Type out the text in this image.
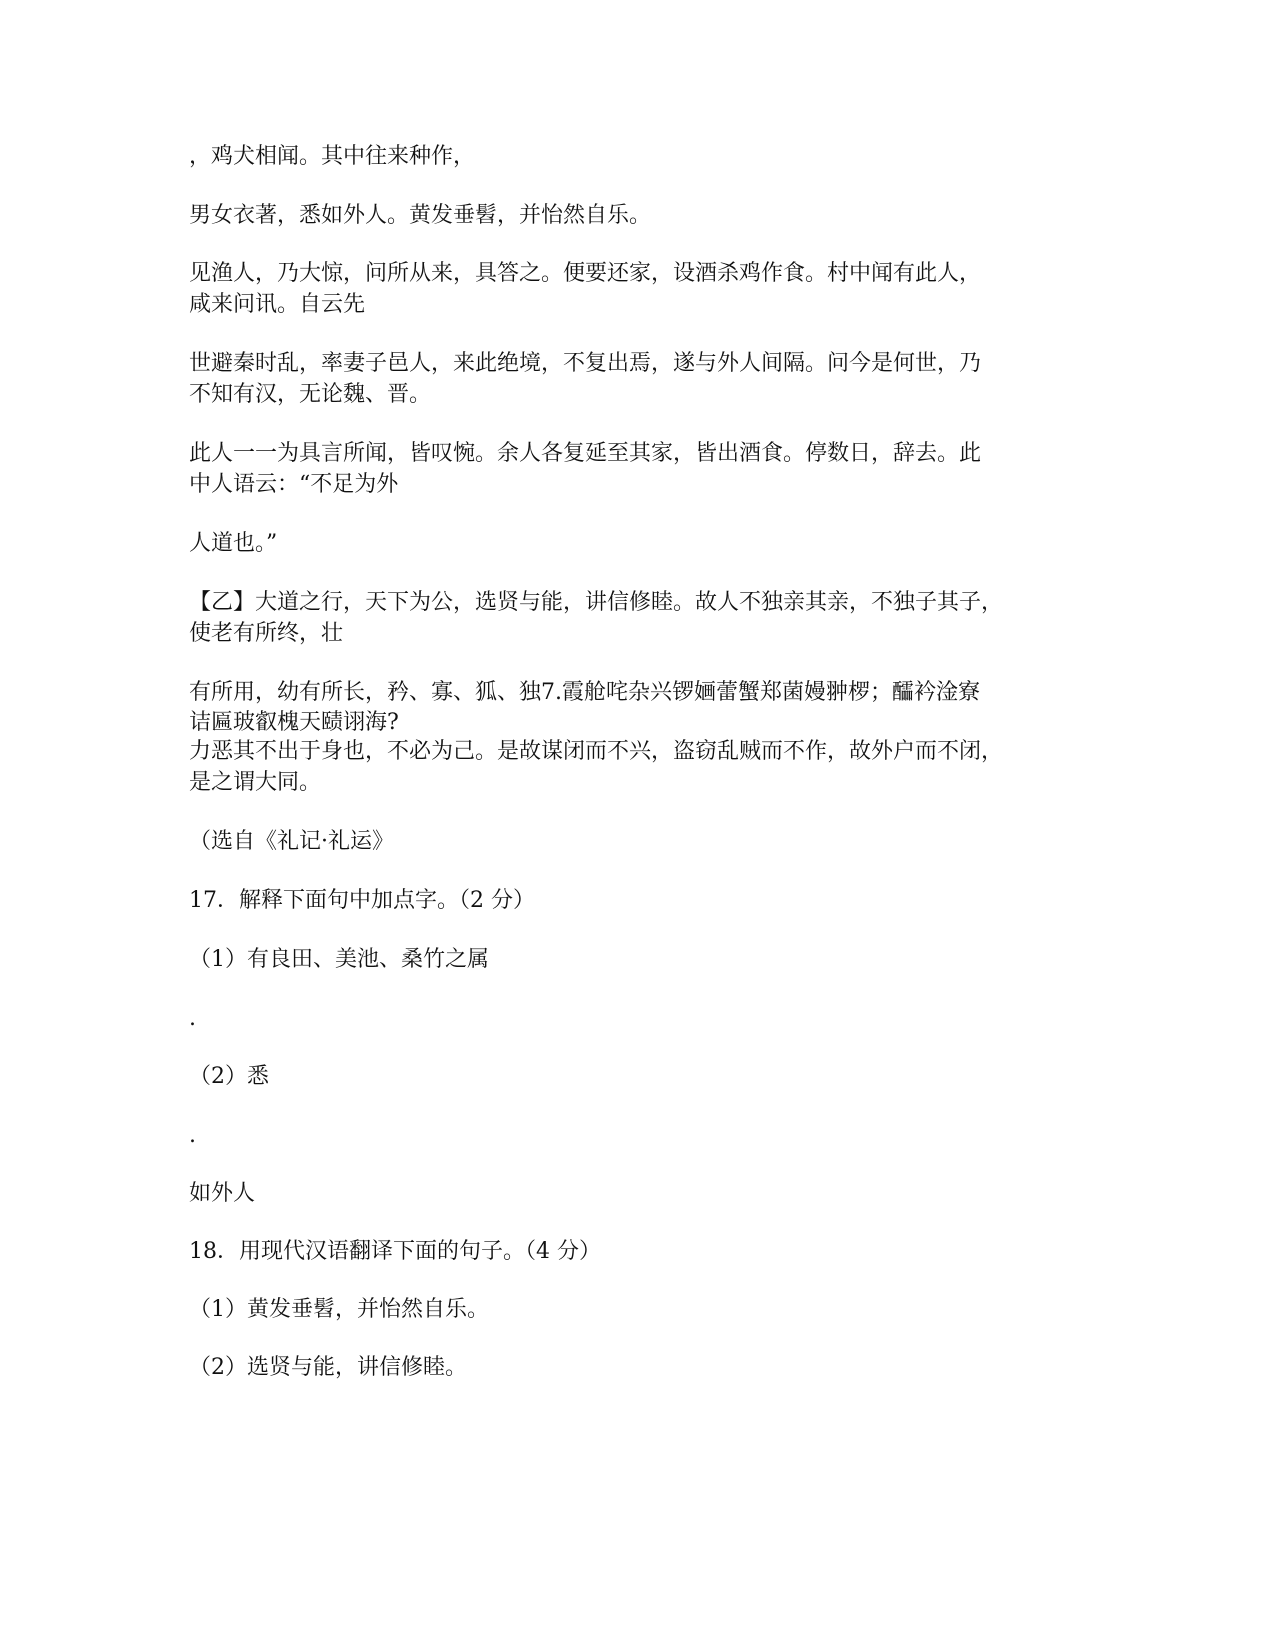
，鸡犬相闻。其中往来种作，
男女衣著，悉如外人。黄发垂髫，并怡然自乐。
见渔人，乃大惊，问所从来，具答之。便要还家，设酒杀鸡作食。村中闻有此人，
咸来问讯。自云先
世避秦时乱，率妻子邑人，来此绝境，不复出焉，遂与外人间隔。问今是何世，乃
不知有汉，无论魏、晋。
此人一一为具言所闻，皆叹惋。余人各复延至其家，皆出酒食。停数日，辞去。此
中人语云：“不足为外
人道也。”
【乙】大道之行，天下为公，选贤与能，讲信修睦。故人不独亲其亲，不独子其子，
使老有所终，壮
有所用，幼有所长，矜、寡、狐、独7.霞舱咤杂兴锣婳蕾蟹郑菌嫚翀椤；醽衿淦寮
诘匾玻叡槐天赜诩海?
力恶其不出于身也，不必为己。是故谋闭而不兴，盗窃乱贼而不作，故外户而不闭，
是之谓大同。
（选自《礼记·礼运》
17．解释下面句中加点字。（2 分）
（1）有良田、美池、桑竹之属
.
（2）悉
.
如外人
18．用现代汉语翻译下面的句子。（4 分）
（1）黄发垂髫，并怡然自乐。
（2）选贤与能，讲信修睦。
